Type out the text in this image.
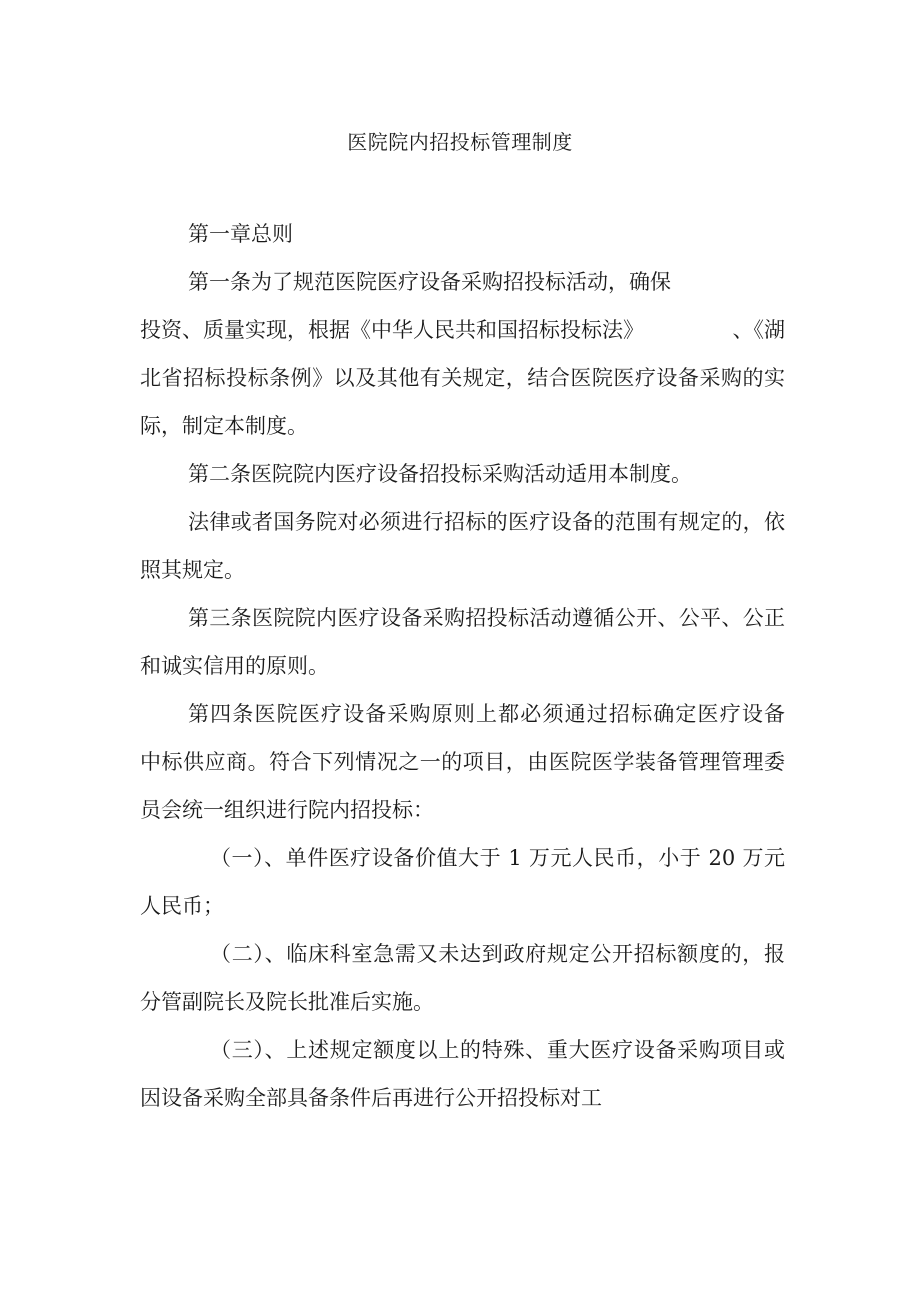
医院院内招投标管理制度
第一章总则
第一条为了规范医院医疗设备采购招投标活动，确保
投资、质量实现，根据《中华人民共和国招标投标法》	、《湖
北省招标投标条例》以及其他有关规定，结合医院医疗设备采购的实
际，制定本制度。
第二条医院院内医疗设备招投标采购活动适用本制度。
法律或者国务院对必须进行招标的医疗设备的范围有规定的，依
照其规定。
第三条医院院内医疗设备采购招投标活动遵循公开、公平、公正
和诚实信用的原则。
第四条医院医疗设备采购原则上都必须通过招标确定医疗设备
中标供应商。符合下列情况之一的项目，由医院医学装备管理管理委
员会统一组织进行院内招投标：
（一）、单件医疗设备价值大于 1 万元人民币，小于 20 万元
人民币；
（二）、临床科室急需又未达到政府规定公开招标额度的，报
分管副院长及院长批准后实施。
（三）、上述规定额度以上的特殊、重大医疗设备采购项目或
因设备采购全部具备条件后再进行公开招投标对工
